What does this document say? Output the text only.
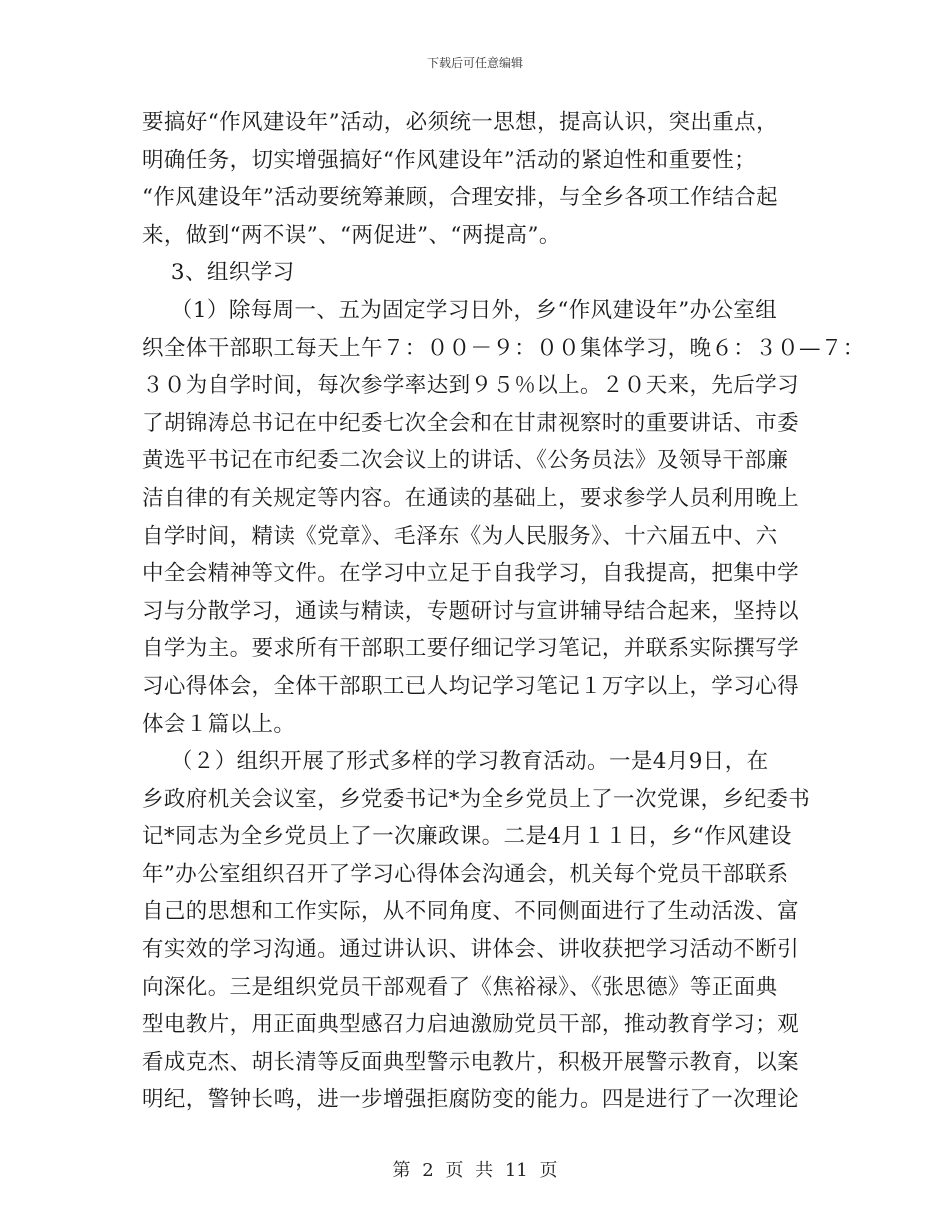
下载后可任意编辑
要搞好“作风建设年”活动，必须统一思想，提高认识，突出重点，
明确任务，切实增强搞好“作风建设年”活动的紧迫性和重要性；
“作风建设年”活动要统筹兼顾，合理安排，与全乡各项工作结合起
来，做到“两不误”、“两促进”、“两提高”。
3、组织学习
（1）除每周一、五为固定学习日外，乡“作风建设年”办公室组
织全体干部职工每天上午７：００－９：００集体学习，晚６：３０—７：
３０为自学时间，每次参学率达到９５％以上。２０天来，先后学习
了胡锦涛总书记在中纪委七次全会和在甘肃视察时的重要讲话、市委
黄选平书记在市纪委二次会议上的讲话、《公务员法》及领导干部廉
洁自律的有关规定等内容。在通读的基础上，要求参学人员利用晚上
自学时间，精读《党章》、毛泽东《为人民服务》、十六届五中、六
中全会精神等文件。在学习中立足于自我学习，自我提高，把集中学
习与分散学习，通读与精读，专题研讨与宣讲辅导结合起来，坚持以
自学为主。要求所有干部职工要仔细记学习笔记，并联系实际撰写学
习心得体会，全体干部职工已人均记学习笔记１万字以上，学习心得
体会１篇以上。
（２）组织开展了形式多样的学习教育活动。一是4月9日，在
乡政府机关会议室，乡党委书记*为全乡党员上了一次党课，乡纪委书
记*同志为全乡党员上了一次廉政课。二是4月１１日，乡“作风建设
年”办公室组织召开了学习心得体会沟通会，机关每个党员干部联系
自己的思想和工作实际，从不同角度、不同侧面进行了生动活泼、富
有实效的学习沟通。通过讲认识、讲体会、讲收获把学习活动不断引
向深化。三是组织党员干部观看了《焦裕禄》、《张思德》等正面典
型电教片，用正面典型感召力启迪激励党员干部，推动教育学习；观
看成克杰、胡长清等反面典型警示电教片，积极开展警示教育，以案
明纪，警钟长鸣，进一步增强拒腐防变的能力。四是进行了一次理论
第 2 页 共 11 页
